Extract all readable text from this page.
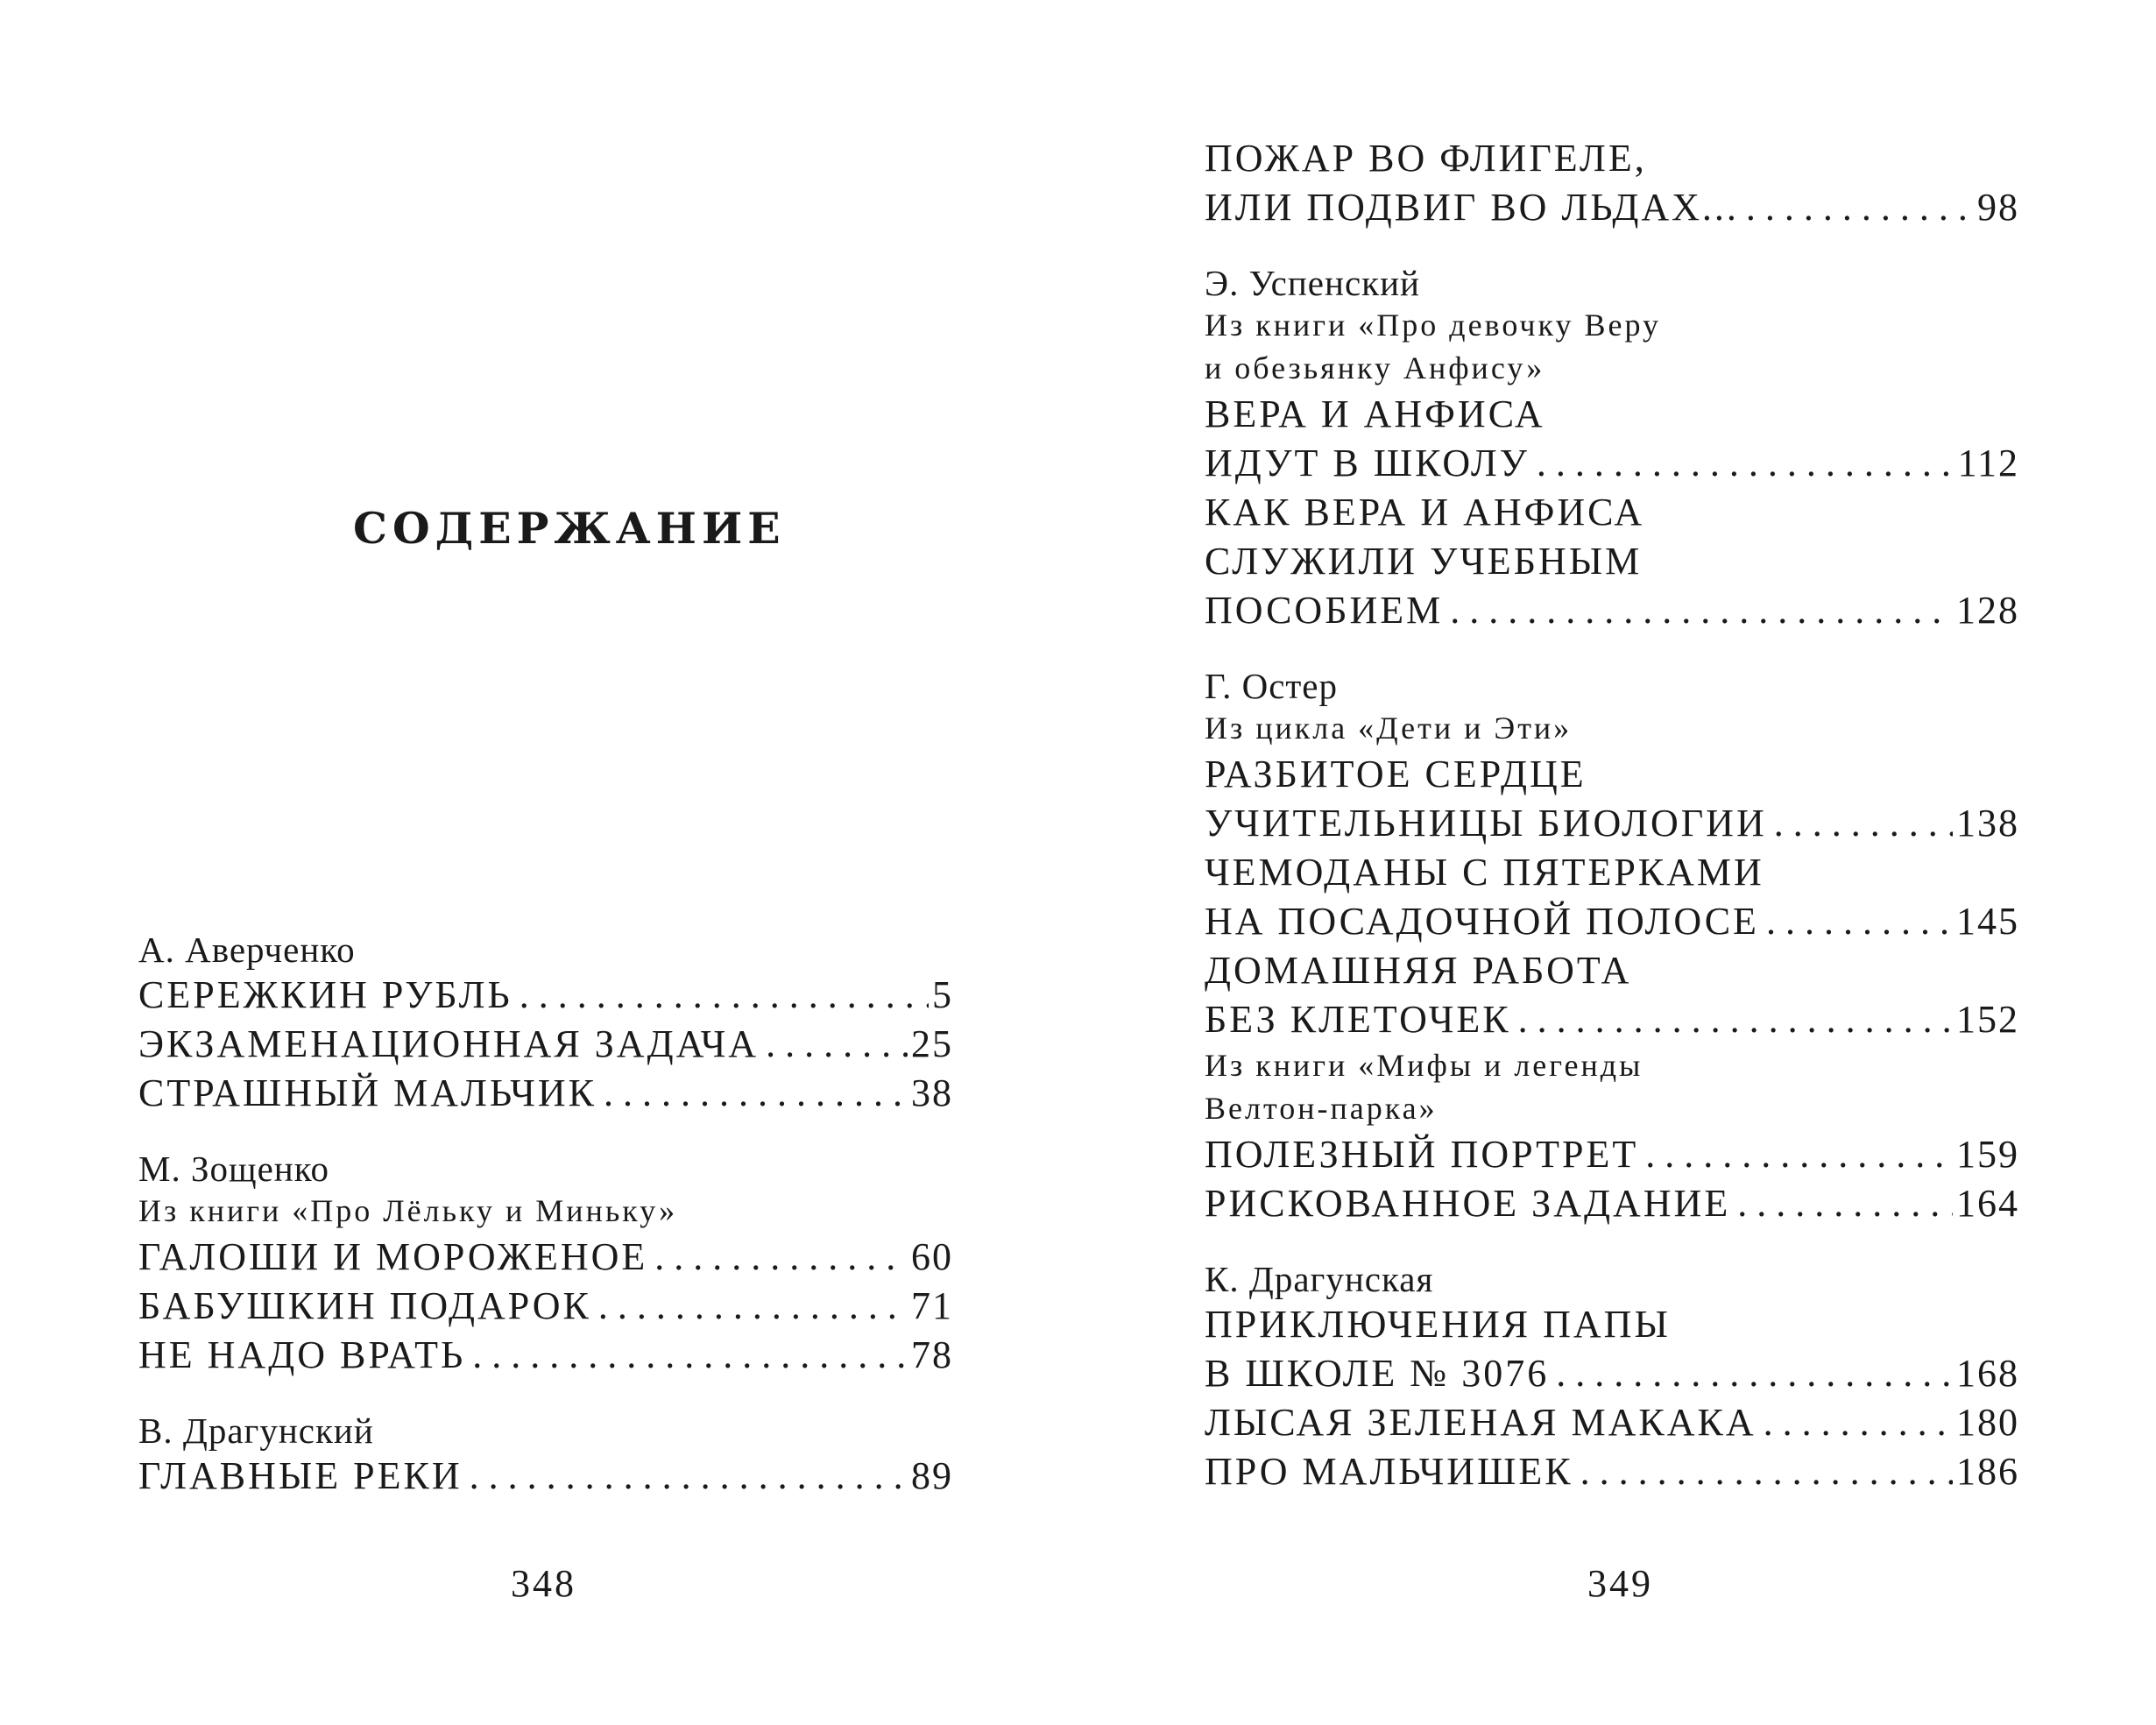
СОДЕРЖАНИЕ
А. Аверченко
СЕРЕЖКИН РУБЛЬ . . .	5
ЭКЗАМЕНАЦИОННАЯ ЗАДАЧА . . .	25
СТРАШНЫЙ МАЛЬЧИК . . .	38
М. Зощенко
Из книги «Про Лёльку и Миньку»
ГАЛОШИ И МОРОЖЕНОЕ . . .	60
БАБУШКИН ПОДАРОК . . .	71
НЕ НАДО ВРАТЬ . . .	78
В. Драгунский
ГЛАВНЫЕ РЕКИ . . .	89
348
ПОЖАР ВО ФЛИГЕЛЕ,
ИЛИ ПОДВИГ ВО ЛЬДАХ... . . .	98
Э. Успенский
Из книги «Про девочку Веру
и обезьянку Анфису»
ВЕРА И АНФИСА
ИДУТ В ШКОЛУ . . .	112
КАК ВЕРА И АНФИСА
СЛУЖИЛИ УЧЕБНЫМ
ПОСОБИЕМ . . .	128
Г. Остер
Из цикла «Дети и Эти»
РАЗБИТОЕ СЕРДЦЕ
УЧИТЕЛЬНИЦЫ БИОЛОГИИ . . .	138
ЧЕМОДАНЫ С ПЯТЕРКАМИ
НА ПОСАДОЧНОЙ ПОЛОСЕ . . .	145
ДОМАШНЯЯ РАБОТА
БЕЗ КЛЕТОЧЕК . . .	152
Из книги «Мифы и легенды
Велтон-парка»
ПОЛЕЗНЫЙ ПОРТРЕТ . . .	159
РИСКОВАННОЕ ЗАДАНИЕ . . .	164
К. Драгунская
ПРИКЛЮЧЕНИЯ ПАПЫ
В ШКОЛЕ № 3076 . . .	168
ЛЫСАЯ ЗЕЛЕНАЯ МАКАКА . . .	180
ПРО МАЛЬЧИШЕК . . .	186
349
